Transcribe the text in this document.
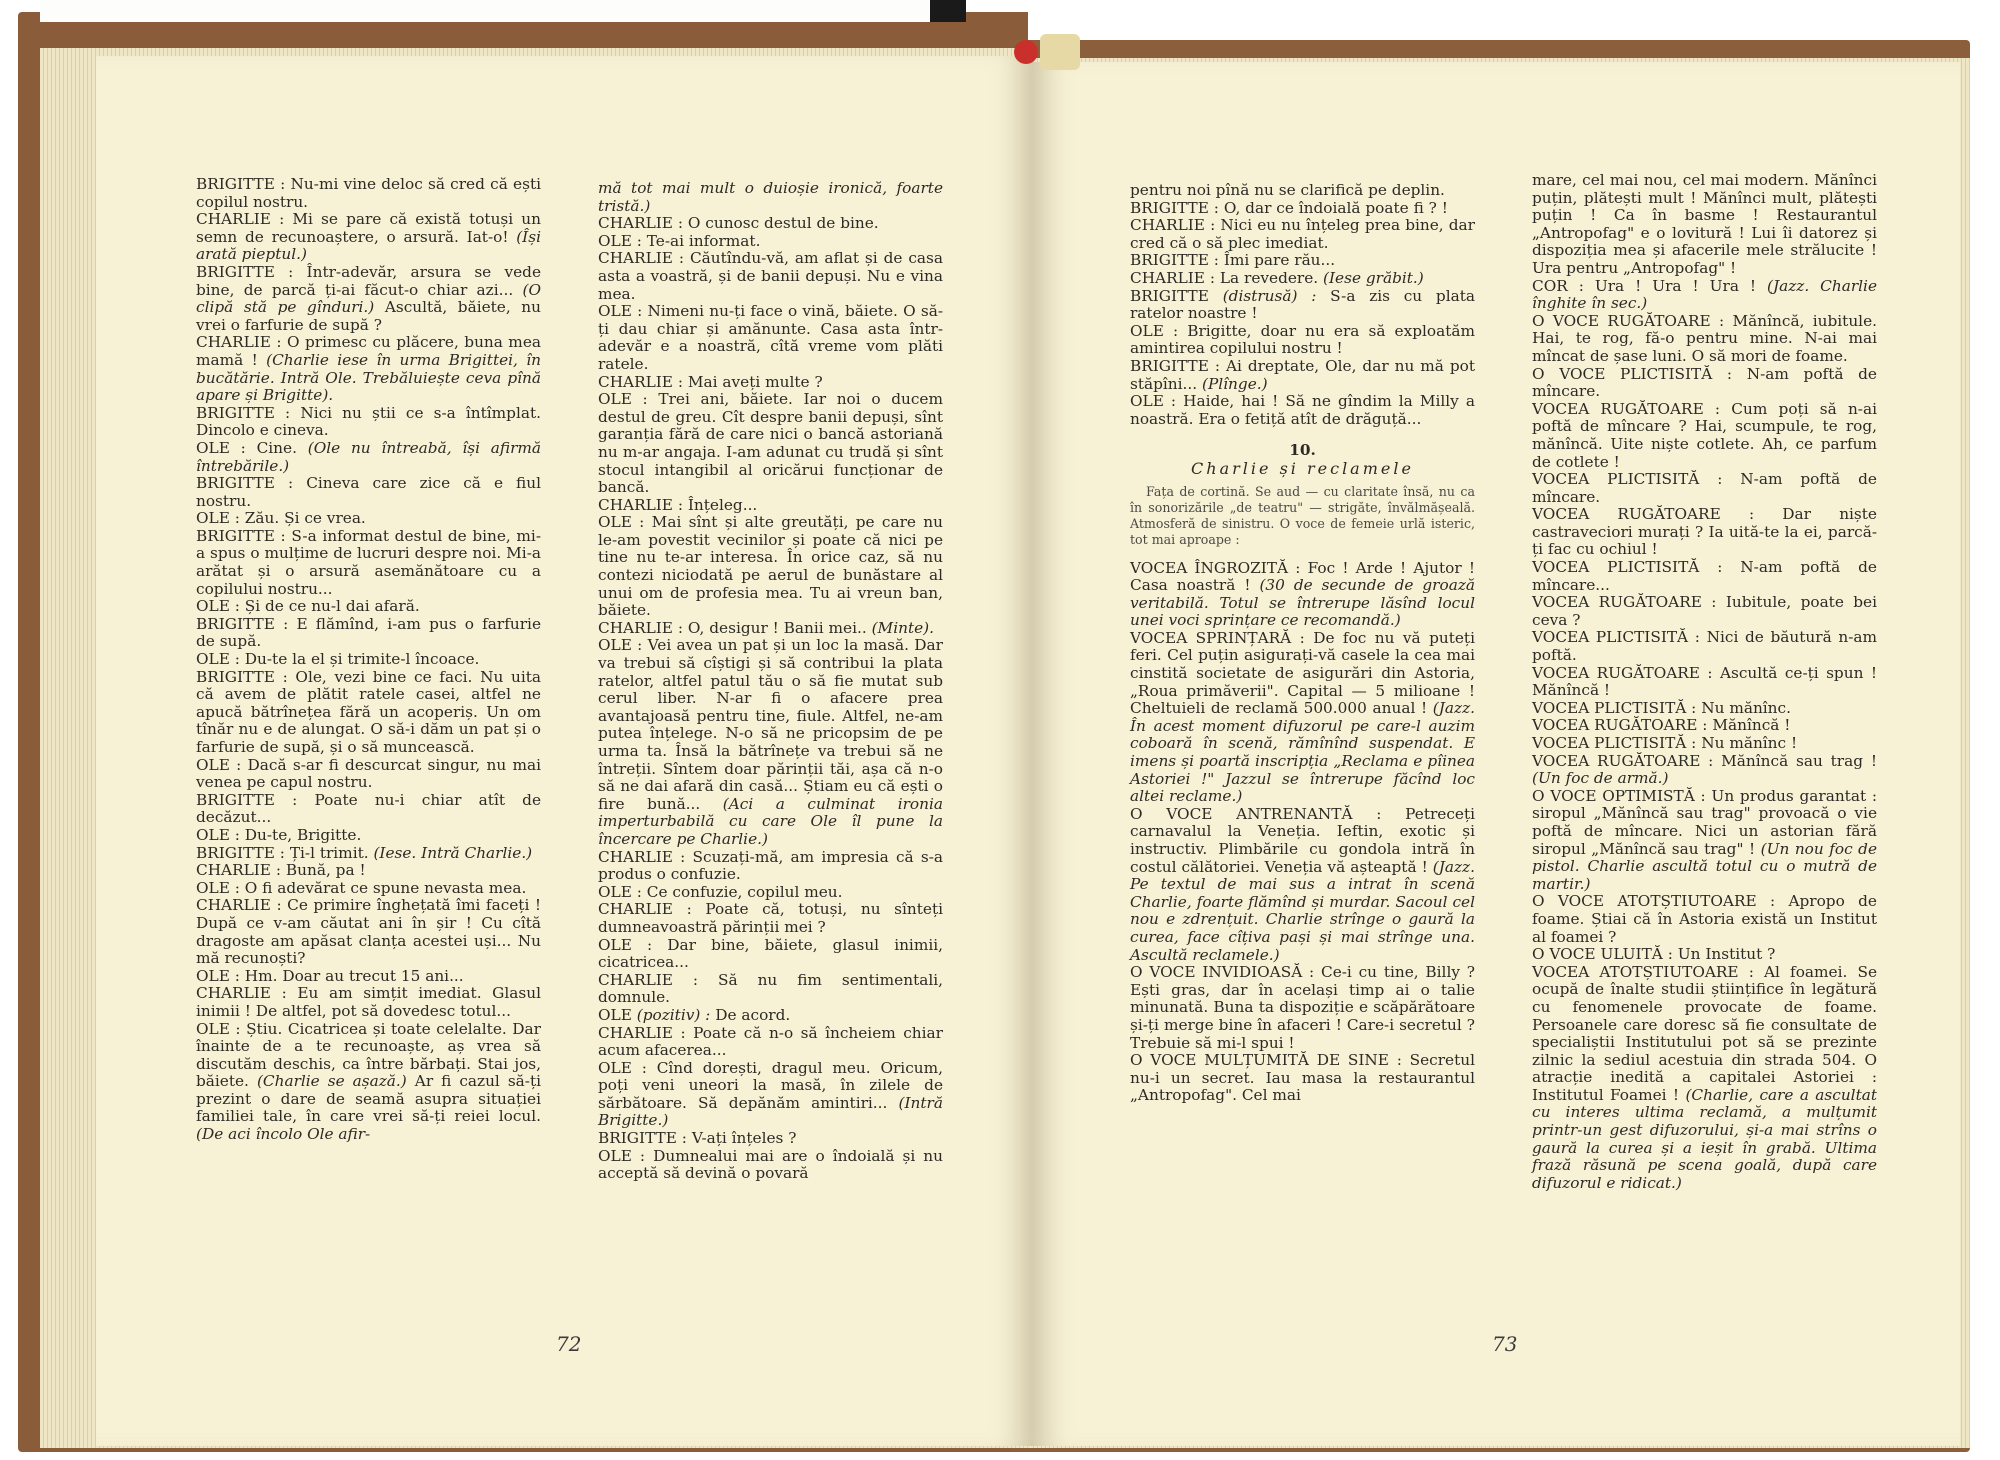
BRIGITTE : Nu-mi vine deloc să cred că ești copilul nostru.

CHARLIE : Mi se pare că există totuși un semn de recunoaștere, o arsură. Iat-o! (Își arată pieptul.)

BRIGITTE : Într-adevăr, arsura se vede bine, de parcă ți-ai făcut-o chiar azi... (O clipă stă pe gînduri.) Ascultă, băiete, nu vrei o farfurie de supă ?

CHARLIE : O primesc cu plăcere, buna mea mamă ! (Charlie iese în urma Brigittei, în bucătărie. Intră Ole. Trebăluiește ceva pînă apare și Brigitte).

BRIGITTE : Nici nu știi ce s-a întîmplat. Dincolo e cineva.

OLE : Cine. (Ole nu întreabă, își afirmă întrebările.)

BRIGITTE : Cineva care zice că e fiul nostru.

OLE : Zău. Și ce vrea.

BRIGITTE : S-a informat destul de bine, mi-a spus o mulțime de lucruri despre noi. Mi-a arătat și o arsură asemănătoare cu a copilului nostru...

OLE : Și de ce nu-l dai afară.

BRIGITTE : E flămînd, i-am pus o farfurie de supă.

OLE : Du-te la el și trimite-l încoace.

BRIGITTE : Ole, vezi bine ce faci. Nu uita că avem de plătit ratele casei, altfel ne apucă bătrînețea fără un acoperiș. Un om tînăr nu e de alungat. O să-i dăm un pat și o farfurie de supă, și o să muncească.

OLE : Dacă s-ar fi descurcat singur, nu mai venea pe capul nostru.

BRIGITTE : Poate nu-i chiar atît de decăzut...

OLE : Du-te, Brigitte.

BRIGITTE : Ți-l trimit. (Iese. Intră Charlie.)

CHARLIE : Bună, pa !

OLE : O fi adevărat ce spune nevasta mea.

CHARLIE : Ce primire înghețată îmi faceți ! După ce v-am căutat ani în șir ! Cu cîtă dragoste am apăsat clanța acestei uși... Nu mă recunoști?

OLE : Hm. Doar au trecut 15 ani...

CHARLIE : Eu am simțit imediat. Glasul inimii ! De altfel, pot să dovedesc totul...

OLE : Știu. Cicatricea și toate celelalte. Dar înainte de a te recunoaște, aș vrea să discutăm deschis, ca între bărbați. Stai jos, băiete. (Charlie se așază.) Ar fi cazul să-ți prezint o dare de seamă asupra situației familiei tale, în care vrei să-ți reiei locul. (De aci încolo Ole afir-

mă tot mai mult o duioșie ironică, foarte tristă.)

CHARLIE : O cunosc destul de bine.

OLE : Te-ai informat.

CHARLIE : Căutîndu-vă, am aflat și de casa asta a voastră, și de banii depuși. Nu e vina mea.

OLE : Nimeni nu-ți face o vină, băiete. O să-ți dau chiar și amănunte. Casa asta într-adevăr e a noastră, cîtă vreme vom plăti ratele.

CHARLIE : Mai aveți multe ?

OLE : Trei ani, băiete. Iar noi o ducem destul de greu. Cît despre banii depuși, sînt garanția fără de care nici o bancă astoriană nu m-ar angaja. I-am adunat cu trudă și sînt stocul intangibil al oricărui funcționar de bancă.

CHARLIE : Înțeleg...

OLE : Mai sînt și alte greutăți, pe care nu le-am povestit vecinilor și poate că nici pe tine nu te-ar interesa. În orice caz, să nu contezi niciodată pe aerul de bunăstare al unui om de profesia mea. Tu ai vreun ban, băiete.

CHARLIE : O, desigur ! Banii mei.. (Minte).

OLE : Vei avea un pat și un loc la masă. Dar va trebui să cîștigi și să contribui la plata ratelor, altfel patul tău o să fie mutat sub cerul liber. N-ar fi o afacere prea avantajoasă pentru tine, fiule. Altfel, ne-am putea înțelege. N-o să ne pricopsim de pe urma ta. Însă la bătrînețe va trebui să ne întreții. Sîntem doar părinții tăi, așa că n-o să ne dai afară din casă... Știam eu că ești o fire bună... (Aci a culminat ironia imperturbabilă cu care Ole îl pune la încercare pe Charlie.)

CHARLIE : Scuzați-mă, am impresia că s-a produs o confuzie.

OLE : Ce confuzie, copilul meu.

CHARLIE : Poate că, totuși, nu sînteți dumneavoastră părinții mei ?

OLE : Dar bine, băiete, glasul inimii, cicatricea...

CHARLIE : Să nu fim sentimentali, domnule.

OLE (pozitiv) : De acord.

CHARLIE : Poate că n-o să încheiem chiar acum afacerea...

OLE : Cînd dorești, dragul meu. Oricum, poți veni uneori la masă, în zilele de sărbătoare. Să depănăm amintiri... (Intră Brigitte.)

BRIGITTE : V-ați înțeles ?

OLE : Dumnealui mai are o îndoială și nu acceptă să devină o povară

72

pentru noi pînă nu se clarifică pe deplin.

BRIGITTE : O, dar ce îndoială poate fi ? !

CHARLIE : Nici eu nu înțeleg prea bine, dar cred că o să plec imediat.

BRIGITTE : Îmi pare rău...

CHARLIE : La revedere. (Iese grăbit.)

BRIGITTE (distrusă) : S-a zis cu plata ratelor noastre !

OLE : Brigitte, doar nu era să exploatăm amintirea copilului nostru !

BRIGITTE : Ai dreptate, Ole, dar nu mă pot stăpîni... (Plînge.)

OLE : Haide, hai ! Să ne gîndim la Milly a noastră. Era o fetiță atît de drăguță...

10.
Charlie și reclamele

Fața de cortină. Se aud — cu claritate însă, nu ca în sonorizările „de teatru" — strigăte, învălmășeală. Atmosferă de sinistru. O voce de femeie urlă isteric, tot mai aproape :

VOCEA ÎNGROZITĂ : Foc ! Arde ! Ajutor ! Casa noastră ! (30 de secunde de groază veritabilă. Totul se întrerupe lăsînd locul unei voci sprințare ce recomandă.)

VOCEA SPRINȚARĂ : De foc nu vă puteți feri. Cel puțin asigurați-vă casele la cea mai cinstită societate de asigurări din Astoria, „Roua primăverii". Capital — 5 milioane ! Cheltuieli de reclamă 500.000 anual ! (Jazz. În acest moment difuzorul pe care-l auzim coboară în scenă, rămînînd suspendat. E imens și poartă inscripția „Reclama e pîinea Astoriei !" Jazzul se întrerupe făcînd loc altei reclame.)

O VOCE ANTRENANTĂ : Petreceți carnavalul la Veneția. Ieftin, exotic și instructiv. Plimbările cu gondola intră în costul călătoriei. Veneția vă așteaptă ! (Jazz. Pe textul de mai sus a intrat în scenă Charlie, foarte flămînd și murdar. Sacoul cel nou e zdrențuit. Charlie strînge o gaură la curea, face cîțiva pași și mai strînge una. Ascultă reclamele.)

O VOCE INVIDIOASĂ : Ce-i cu tine, Billy ? Ești gras, dar în același timp ai o talie minunată. Buna ta dispoziție e scăpărătoare și-ți merge bine în afaceri ! Care-i secretul ? Trebuie să mi-l spui !

O VOCE MULȚUMITĂ DE SINE : Secretul nu-i un secret. Iau masa la restaurantul „Antropofag". Cel mai

mare, cel mai nou, cel mai modern. Mănînci puțin, plătești mult ! Mănînci mult, plătești puțin ! Ca în basme ! Restaurantul „Antropofag" e o lovitură ! Lui îi datorez și dispoziția mea și afacerile mele strălucite ! Ura pentru „Antropofag" !

COR : Ura ! Ura ! Ura ! (Jazz. Charlie înghite în sec.)

O VOCE RUGĂTOARE : Mănîncă, iubitule. Hai, te rog, fă-o pentru mine. N-ai mai mîncat de șase luni. O să mori de foame.

O VOCE PLICTISITĂ : N-am poftă de mîncare.

VOCEA RUGĂTOARE : Cum poți să n-ai poftă de mîncare ? Hai, scumpule, te rog, mănîncă. Uite niște cotlete. Ah, ce parfum de cotlete !

VOCEA PLICTISITĂ : N-am poftă de mîncare.

VOCEA RUGĂTOARE : Dar niște castraveciori murați ? Ia uită-te la ei, parcă-ți fac cu ochiul !

VOCEA PLICTISITĂ : N-am poftă de mîncare...

VOCEA RUGĂTOARE : Iubitule, poate bei ceva ?

VOCEA PLICTISITĂ : Nici de băutură n-am poftă.

VOCEA RUGĂTOARE : Ascultă ce-ți spun ! Mănîncă !

VOCEA PLICTISITĂ : Nu mănînc.

VOCEA RUGĂTOARE : Mănîncă !

VOCEA PLICTISITĂ : Nu mănînc !

VOCEA RUGĂTOARE : Mănîncă sau trag ! (Un foc de armă.)

O VOCE OPTIMISTĂ : Un produs garantat : siropul „Mănîncă sau trag" provoacă o vie poftă de mîncare. Nici un astorian fără siropul „Mănîncă sau trag" ! (Un nou foc de pistol. Charlie ascultă totul cu o mutră de martir.)

O VOCE ATOTȘTIUTOARE : Apropo de foame. Știai că în Astoria există un Institut al foamei ?

O VOCE ULUITĂ : Un Institut ?

VOCEA ATOTȘTIUTOARE : Al foamei. Se ocupă de înalte studii științifice în legătură cu fenomenele provocate de foame. Persoanele care doresc să fie consultate de specialiștii Institutului pot să se prezinte zilnic la sediul acestuia din strada 504. O atracție inedită a capitalei Astoriei : Institutul Foamei ! (Charlie, care a ascultat cu interes ultima reclamă, a mulțumit printr-un gest difuzorului, și-a mai strîns o gaură la curea și a ieșit în grabă. Ultima frază răsună pe scena goală, după care difuzorul e ridicat.)

73
